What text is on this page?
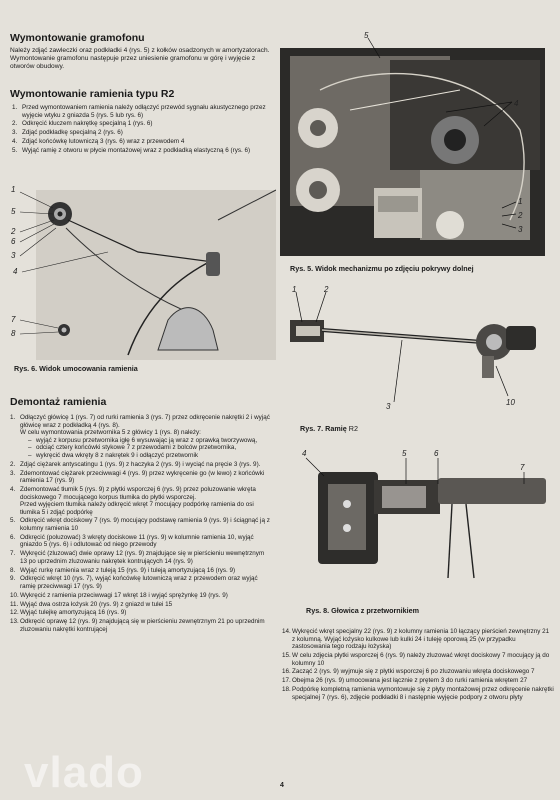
Wymontowanie gramofonu

Należy zdjąć zawleczki oraz podkładki 4 (rys. 5) z kołków osadzonych w amortyzatorach. Wymontowanie gramofonu następuje przez uniesienie gramofonu w górę i wyjęcie z otworów obudowy.

Wymontowanie ramienia typu R2
1. Przed wymontowaniem ramienia należy odłączyć przewód sygnału akustycznego przez wyjęcie wtyku z gniazda 5 (rys. 5 lub rys. 6)
2. Odkręcić kluczem nakrętkę specjalną 1 (rys. 6)
3. Zdjąć podkładkę specjalną 2 (rys. 6)
4. Zdjąć końcówkę lutowniczą 3 (rys. 6) wraz z przewodem 4
5. Wyjąć ramię z otworu w płycie montażowej wraz z podkładką elastyczną 6 (rys. 6)
1
5
2
6
3
4
7
8
Rys. 6. Widok umocowania ramienia
5
4
1
2
3
Rys. 5. Widok mechanizmu po zdjęciu pokrywy dolnej
1	2
3	10
Rys. 7. Ramię R2
4	5	6
7
Rys. 8. Głowica z przetwornikiem
Demontaż ramienia
1. Odłączyć główicę 1 (rys. 7) od rurki ramienia 3 (rys. 7) przez odkręcenie nakrętki 2 i wyjąć główicę wraz z podkładką 4 (rys. 8).
W celu wymontowania przetwornika 5 z główicy 1 (rys. 8) należy:
– wyjąć z korpusu przetwornika igłę 6 wysuwając ją wraz z oprawką tworzywową,
– odciąć cztery końcówki stykowe 7 z przewodami z bolców przetwornika,
– wykręcić dwa wkręty 8 z nakrętek 9 i odłączyć przetwornik
2. Zdjąć ciężarek antyscatingu 1 (rys. 9) z haczyka 2 (rys. 9) i wyciąć na pręcie 3 (rys. 9).
3. Zdemontować ciężarek przeciwwagi 4 (rys. 9) przez wykręcenie go (w lewo) z końcówki ramienia 17 (rys. 9)
4. Zdemontować tłumik 5 (rys. 9) z płytki wsporczej 6 (rys. 9) przez poluzowanie wkręta dociskowego 7 mocującego korpus tłumika do płytki wsporczej.
Przed wyjęciem tłumika należy odkręcić wkręt 7 mocujący podpórkę ramienia do osi tłumika 5 i zdjąć podpórkę
5. Odkręcić wkręt dociskowy 7 (rys. 9) mocujący podstawę ramienia 9 (rys. 9) i ściągnąć ją z kolumny ramienia 10
6. Odkręcić (poluzować) 3 wkręty dociskowe 11 (rys. 9) w kolumnie ramienia 10, wyjąć gniazdo 5 (rys. 6) i odlutować od niego przewody
7. Wykręcić (zluzować) dwie oprawy 12 (rys. 9) znajdujące się w pierścieniu wewnętrznym 13 po uprzednim zluzowaniu nakrętek kontrujących 14 (rys. 9)
8. Wyjąć rurkę ramienia wraz z tuleją 15 (rys. 9) i tuleją amortyzującą 16 (rys. 9)
9. Odkręcić wkręt 10 (rys. 7), wyjąć końcówkę lutowniczą wraz z przewodem oraz wyjąć ramię przeciwwagi 17 (rys. 9)
10. Wykręcić z ramienia przeciwwagi 17 wkręt 18 i wyjąć sprężynkę 19 (rys. 9)
11. Wyjąć dwa ostrza łożysk 20 (rys. 9) z gniazd w tulei 15
12. Wyjąć tulejkę amortyzującą 16 (rys. 9)
13. Odkręcić oprawę 12 (rys. 9) znajdującą się w pierścieniu zewnętrznym 21 po uprzednim zluzowaniu nakrętki kontrującej	14. Wykręcić wkręt specjalny 22 (rys. 9) z kolumny ramienia 10 łączący pierścień zewnętrzny 21 z kolumną. Wyjąć łożysko kulkowe lub kulki 24 i tuleję oporową 25 (w przypadku zastosowania tego rodzaju łożyska)
15. W celu zdjęcia płytki wsporczej 6 (rys. 9) należy zluzować wkręt dociskowy 7 mocujący ją do kolumny 10
16. Zacząć 2 (rys. 9) wyjmuje się z płytki wsporczej 6 po zluzowaniu wkręta dociskowego 7
17. Obejma 26 (rys. 9) umocowana jest łącznie z prętem 3 do rurki ramienia wkrętem 27
18. Podpórkę kompletną ramienia wymontowuje się z płyty montażowej przez odkręcenie nakrętki specjalnej 7 (rys. 6), zdjęcie podkładki 8 i następnie wyjęcie podpory z otworu płyty
4
vlado
